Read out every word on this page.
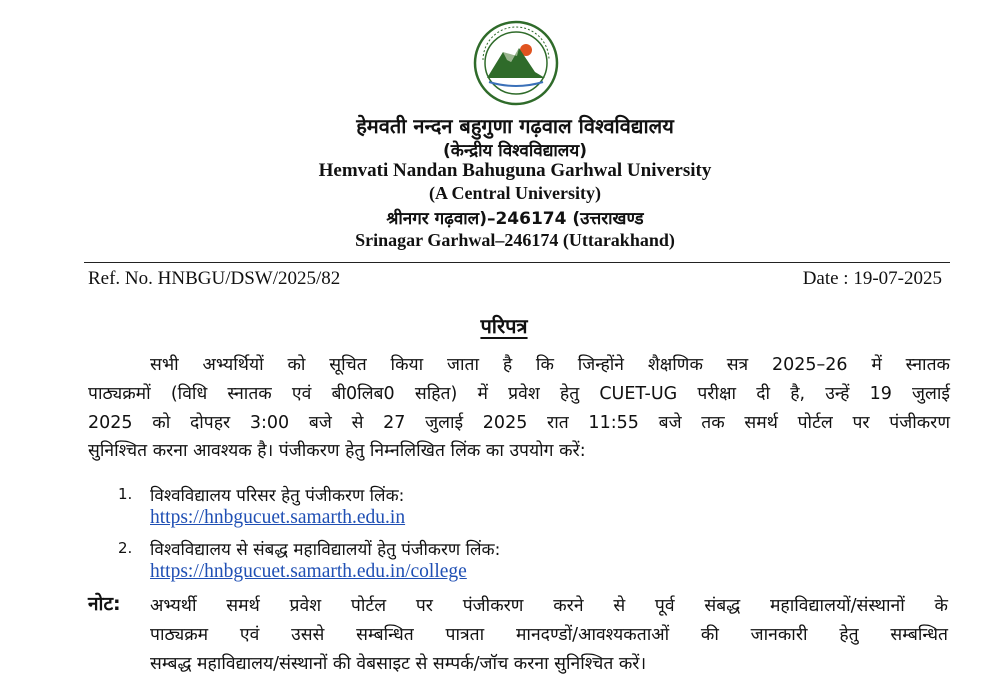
हेमवती नन्दन बहुगुणा गढ़वाल विश्वविद्यालय
(केन्द्रीय विश्वविद्यालय)
Hemvati Nandan Bahuguna Garhwal University
(A Central University)
श्रीनगर गढ़वाल)–246174 (उत्तराखण्ड
Srinagar Garhwal–246174 (Uttarakhand)
Ref. No. HNBGU/DSW/2025/82	Date : 19-07-2025
परिपत्र
सभी अभ्यर्थियों को सूचित किया जाता है कि जिन्होंने शैक्षणिक सत्र 2025–26 में स्नातक
पाठ्यक्रमों (विधि स्नातक एवं बी0लिब0 सहित) में प्रवेश हेतु CUET-UG परीक्षा दी है, उन्हें 19 जुलाई
2025 को दोपहर 3:00 बजे से 27 जुलाई 2025 रात 11:55 बजे तक समर्थ पोर्टल पर पंजीकरण
सुनिश्चित करना आवश्यक है। पंजीकरण हेतु निम्नलिखित लिंक का उपयोग करें:
1. विश्वविद्यालय परिसर हेतु पंजीकरण लिंक:
https://hnbgucuet.samarth.edu.in
2. विश्वविद्यालय से संबद्ध महाविद्यालयों हेतु पंजीकरण लिंक:
https://hnbgucuet.samarth.edu.in/college
नोट: अभ्यर्थी समर्थ प्रवेश पोर्टल पर पंजीकरण करने से पूर्व संबद्ध महाविद्यालयों/संस्थानों के
पाठ्यक्रम एवं उससे सम्बन्धित पात्रता मानदण्डों/आवश्यकताओं की जानकारी हेतु सम्बन्धित
सम्बद्ध महाविद्यालय/संस्थानों की वेबसाइट से सम्पर्क/जॉच करना सुनिश्चित करें।
